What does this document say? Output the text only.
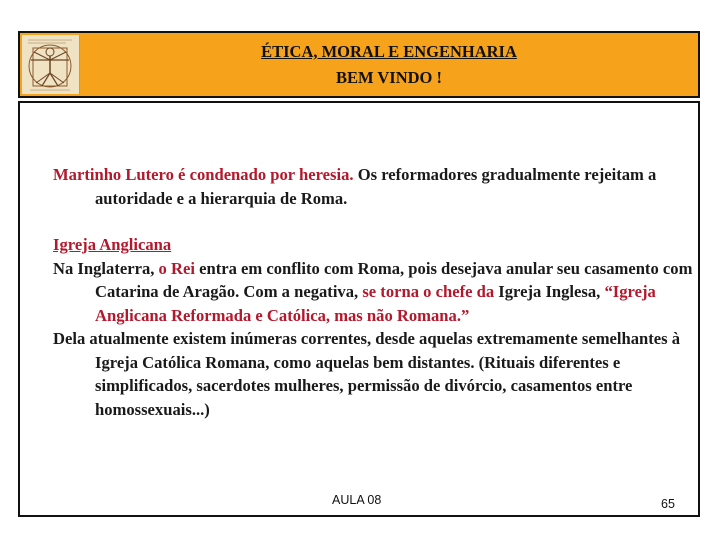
ÉTICA, MORAL E ENGENHARIA
BEM VINDO !

Martinho Lutero é condenado por heresia. Os reformadores gradualmente rejeitam a autoridade e a hierarquia de Roma.

Igreja Anglicana

Na Inglaterra, o Rei entra em conflito com Roma, pois desejava anular seu casamento com Catarina de Aragão. Com a negativa, se torna o chefe da Igreja Inglesa, “Igreja Anglicana Reformada e Católica, mas não Romana.”

Dela atualmente existem inúmeras correntes, desde aquelas extremamente semelhantes à Igreja Católica Romana, como aquelas bem distantes. (Rituais diferentes e simplificados, sacerdotes mulheres, permissão de divórcio, casamentos entre homossexuais...)

AULA 08	65
